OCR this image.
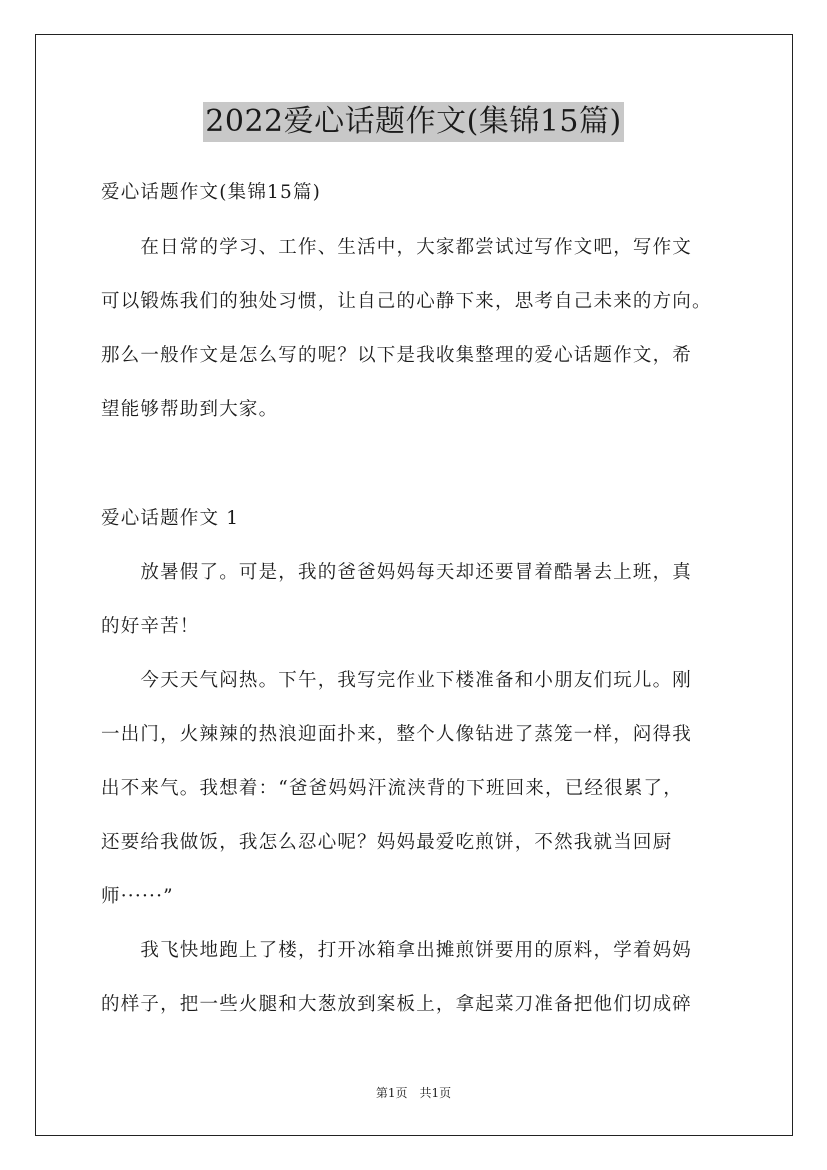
2022爱心话题作文(集锦15篇)
爱心话题作文(集锦15篇)
　　在日常的学习、工作、生活中，大家都尝试过写作文吧，写作文
可以锻炼我们的独处习惯，让自己的心静下来，思考自己未来的方向。
那么一般作文是怎么写的呢？以下是我收集整理的爱心话题作文，希
望能够帮助到大家。
爱心话题作文 1
　　放暑假了。可是，我的爸爸妈妈每天却还要冒着酷暑去上班，真
的好辛苦！
　　今天天气闷热。下午，我写完作业下楼准备和小朋友们玩儿。刚
一出门，火辣辣的热浪迎面扑来，整个人像钻进了蒸笼一样，闷得我
出不来气。我想着：“爸爸妈妈汗流浃背的下班回来，已经很累了，
还要给我做饭，我怎么忍心呢？妈妈最爱吃煎饼，不然我就当回厨
师······”
　　我飞快地跑上了楼，打开冰箱拿出摊煎饼要用的原料，学着妈妈
的样子，把一些火腿和大葱放到案板上，拿起菜刀准备把他们切成碎
第1页　共1页
